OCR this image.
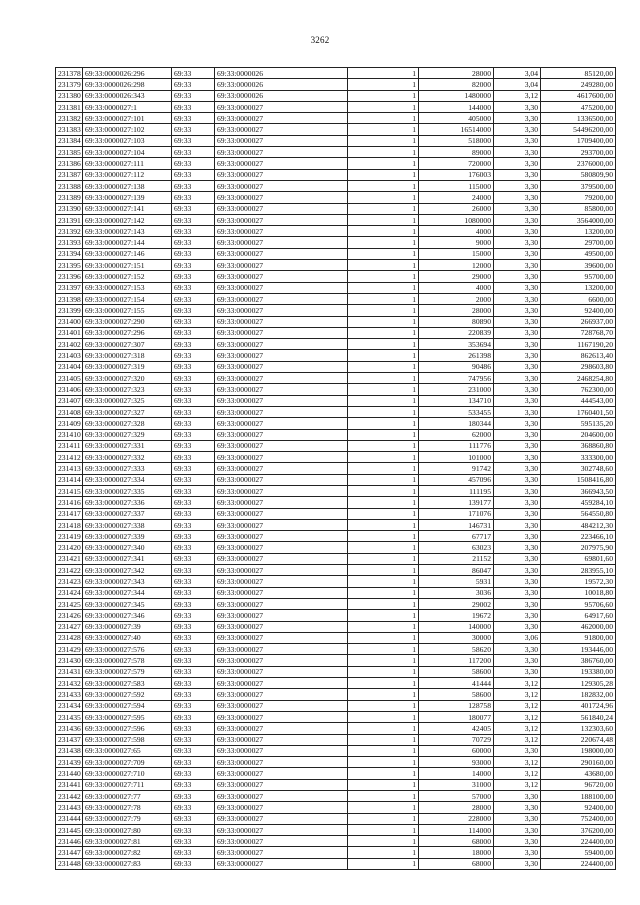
3262
231378	69:33:0000026:296	69:33	69:33:0000026	1	28000	3,04	85120,00
231379	69:33:0000026:298	69:33	69:33:0000026	1	82000	3,04	249280,00
231380	69:33:0000026:343	69:33	69:33:0000026	1	1480000	3,12	4617600,00
231381	69:33:0000027:1	69:33	69:33:0000027	1	144000	3,30	475200,00
231382	69:33:0000027:101	69:33	69:33:0000027	1	405000	3,30	1336500,00
231383	69:33:0000027:102	69:33	69:33:0000027	1	16514000	3,30	54496200,00
231384	69:33:0000027:103	69:33	69:33:0000027	1	518000	3,30	1709400,00
231385	69:33:0000027:104	69:33	69:33:0000027	1	89000	3,30	293700,00
231386	69:33:0000027:111	69:33	69:33:0000027	1	720000	3,30	2376000,00
231387	69:33:0000027:112	69:33	69:33:0000027	1	176003	3,30	580809,90
231388	69:33:0000027:138	69:33	69:33:0000027	1	115000	3,30	379500,00
231389	69:33:0000027:139	69:33	69:33:0000027	1	24000	3,30	79200,00
231390	69:33:0000027:141	69:33	69:33:0000027	1	26000	3,30	85800,00
231391	69:33:0000027:142	69:33	69:33:0000027	1	1080000	3,30	3564000,00
231392	69:33:0000027:143	69:33	69:33:0000027	1	4000	3,30	13200,00
231393	69:33:0000027:144	69:33	69:33:0000027	1	9000	3,30	29700,00
231394	69:33:0000027:146	69:33	69:33:0000027	1	15000	3,30	49500,00
231395	69:33:0000027:151	69:33	69:33:0000027	1	12000	3,30	39600,00
231396	69:33:0000027:152	69:33	69:33:0000027	1	29000	3,30	95700,00
231397	69:33:0000027:153	69:33	69:33:0000027	1	4000	3,30	13200,00
231398	69:33:0000027:154	69:33	69:33:0000027	1	2000	3,30	6600,00
231399	69:33:0000027:155	69:33	69:33:0000027	1	28000	3,30	92400,00
231400	69:33:0000027:290	69:33	69:33:0000027	1	80890	3,30	266937,00
231401	69:33:0000027:296	69:33	69:33:0000027	1	220839	3,30	728768,70
231402	69:33:0000027:307	69:33	69:33:0000027	1	353694	3,30	1167190,20
231403	69:33:0000027:318	69:33	69:33:0000027	1	261398	3,30	862613,40
231404	69:33:0000027:319	69:33	69:33:0000027	1	90486	3,30	298603,80
231405	69:33:0000027:320	69:33	69:33:0000027	1	747956	3,30	2468254,80
231406	69:33:0000027:323	69:33	69:33:0000027	1	231000	3,30	762300,00
231407	69:33:0000027:325	69:33	69:33:0000027	1	134710	3,30	444543,00
231408	69:33:0000027:327	69:33	69:33:0000027	1	533455	3,30	1760401,50
231409	69:33:0000027:328	69:33	69:33:0000027	1	180344	3,30	595135,20
231410	69:33:0000027:329	69:33	69:33:0000027	1	62000	3,30	204600,00
231411	69:33:0000027:331	69:33	69:33:0000027	1	111776	3,30	368860,80
231412	69:33:0000027:332	69:33	69:33:0000027	1	101000	3,30	333300,00
231413	69:33:0000027:333	69:33	69:33:0000027	1	91742	3,30	302748,60
231414	69:33:0000027:334	69:33	69:33:0000027	1	457096	3,30	1508416,80
231415	69:33:0000027:335	69:33	69:33:0000027	1	111195	3,30	366943,50
231416	69:33:0000027:336	69:33	69:33:0000027	1	139177	3,30	459284,10
231417	69:33:0000027:337	69:33	69:33:0000027	1	171076	3,30	564550,80
231418	69:33:0000027:338	69:33	69:33:0000027	1	146731	3,30	484212,30
231419	69:33:0000027:339	69:33	69:33:0000027	1	67717	3,30	223466,10
231420	69:33:0000027:340	69:33	69:33:0000027	1	63023	3,30	207975,90
231421	69:33:0000027:341	69:33	69:33:0000027	1	21152	3,30	69801,60
231422	69:33:0000027:342	69:33	69:33:0000027	1	86047	3,30	283955,10
231423	69:33:0000027:343	69:33	69:33:0000027	1	5931	3,30	19572,30
231424	69:33:0000027:344	69:33	69:33:0000027	1	3036	3,30	10018,80
231425	69:33:0000027:345	69:33	69:33:0000027	1	29002	3,30	95706,60
231426	69:33:0000027:346	69:33	69:33:0000027	1	19672	3,30	64917,60
231427	69:33:0000027:39	69:33	69:33:0000027	1	140000	3,30	462000,00
231428	69:33:0000027:40	69:33	69:33:0000027	1	30000	3,06	91800,00
231429	69:33:0000027:576	69:33	69:33:0000027	1	58620	3,30	193446,00
231430	69:33:0000027:578	69:33	69:33:0000027	1	117200	3,30	386760,00
231431	69:33:0000027:579	69:33	69:33:0000027	1	58600	3,30	193380,00
231432	69:33:0000027:583	69:33	69:33:0000027	1	41444	3,12	129305,28
231433	69:33:0000027:592	69:33	69:33:0000027	1	58600	3,12	182832,00
231434	69:33:0000027:594	69:33	69:33:0000027	1	128758	3,12	401724,96
231435	69:33:0000027:595	69:33	69:33:0000027	1	180077	3,12	561840,24
231436	69:33:0000027:596	69:33	69:33:0000027	1	42405	3,12	132303,60
231437	69:33:0000027:598	69:33	69:33:0000027	1	70729	3,12	220674,48
231438	69:33:0000027:65	69:33	69:33:0000027	1	60000	3,30	198000,00
231439	69:33:0000027:709	69:33	69:33:0000027	1	93000	3,12	290160,00
231440	69:33:0000027:710	69:33	69:33:0000027	1	14000	3,12	43680,00
231441	69:33:0000027:711	69:33	69:33:0000027	1	31000	3,12	96720,00
231442	69:33:0000027:77	69:33	69:33:0000027	1	57000	3,30	188100,00
231443	69:33:0000027:78	69:33	69:33:0000027	1	28000	3,30	92400,00
231444	69:33:0000027:79	69:33	69:33:0000027	1	228000	3,30	752400,00
231445	69:33:0000027:80	69:33	69:33:0000027	1	114000	3,30	376200,00
231446	69:33:0000027:81	69:33	69:33:0000027	1	68000	3,30	224400,00
231447	69:33:0000027:82	69:33	69:33:0000027	1	18000	3,30	59400,00
231448	69:33:0000027:83	69:33	69:33:0000027	1	68000	3,30	224400,00
